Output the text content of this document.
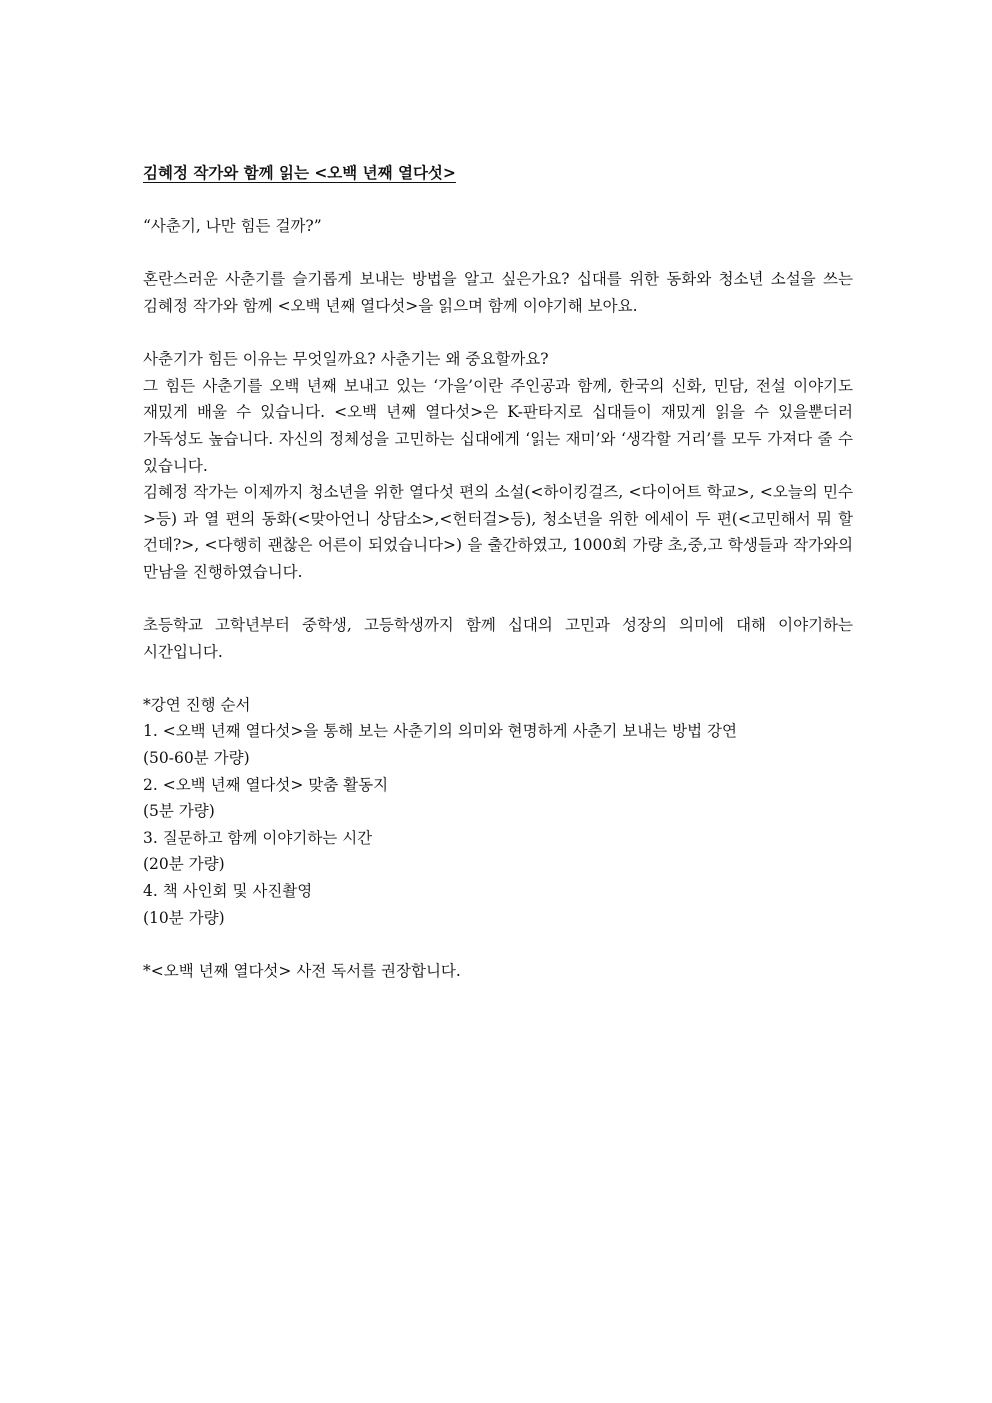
김혜정 작가와 함께 읽는 <오백 년째 열다섯>

“사춘기, 나만 힘든 걸까?”

혼란스러운 사춘기를 슬기롭게 보내는 방법을 알고 싶은가요? 십대를 위한 동화와 청소년 소설을 쓰는 김혜정 작가와 함께 <오백 년째 열다섯>을 읽으며 함께 이야기해 보아요.

사춘기가 힘든 이유는 무엇일까요? 사춘기는 왜 중요할까요?

그 힘든 사춘기를 오백 년째 보내고 있는 ‘가을’이란 주인공과 함께, 한국의 신화, 민담, 전설 이야기도 재밌게 배울 수 있습니다. <오백 년째 열다섯>은 K-판타지로 십대들이 재밌게 읽을 수 있을뿐더러 가독성도 높습니다. 자신의 정체성을 고민하는 십대에게 ‘읽는 재미’와 ‘생각할 거리’를 모두 가져다 줄 수 있습니다.

김혜정 작가는 이제까지 청소년을 위한 열다섯 편의 소설(<하이킹걸즈, <다이어트 학교>, <오늘의 민수>등) 과 열 편의 동화(<맞아언니 상담소>,<헌터걸>등), 청소년을 위한 에세이 두 편(<고민해서 뭐 할 건데?>, <다행히 괜찮은 어른이 되었습니다>) 을 출간하였고, 1000회 가량 초,중,고 학생들과 작가와의 만남을 진행하였습니다.

초등학교 고학년부터 중학생, 고등학생까지 함께 십대의 고민과 성장의 의미에 대해 이야기하는 시간입니다.

*강연 진행 순서

1. <오백 년째 열다섯>을 통해 보는 사춘기의 의미와 현명하게 사춘기 보내는 방법 강연

(50-60분 가량)

2. <오백 년째 열다섯> 맞춤 활동지

(5분 가량)

3. 질문하고 함께 이야기하는 시간

(20분 가량)

4. 책 사인회 및 사진촬영

(10분 가량)

*<오백 년째 열다섯> 사전 독서를 권장합니다.
